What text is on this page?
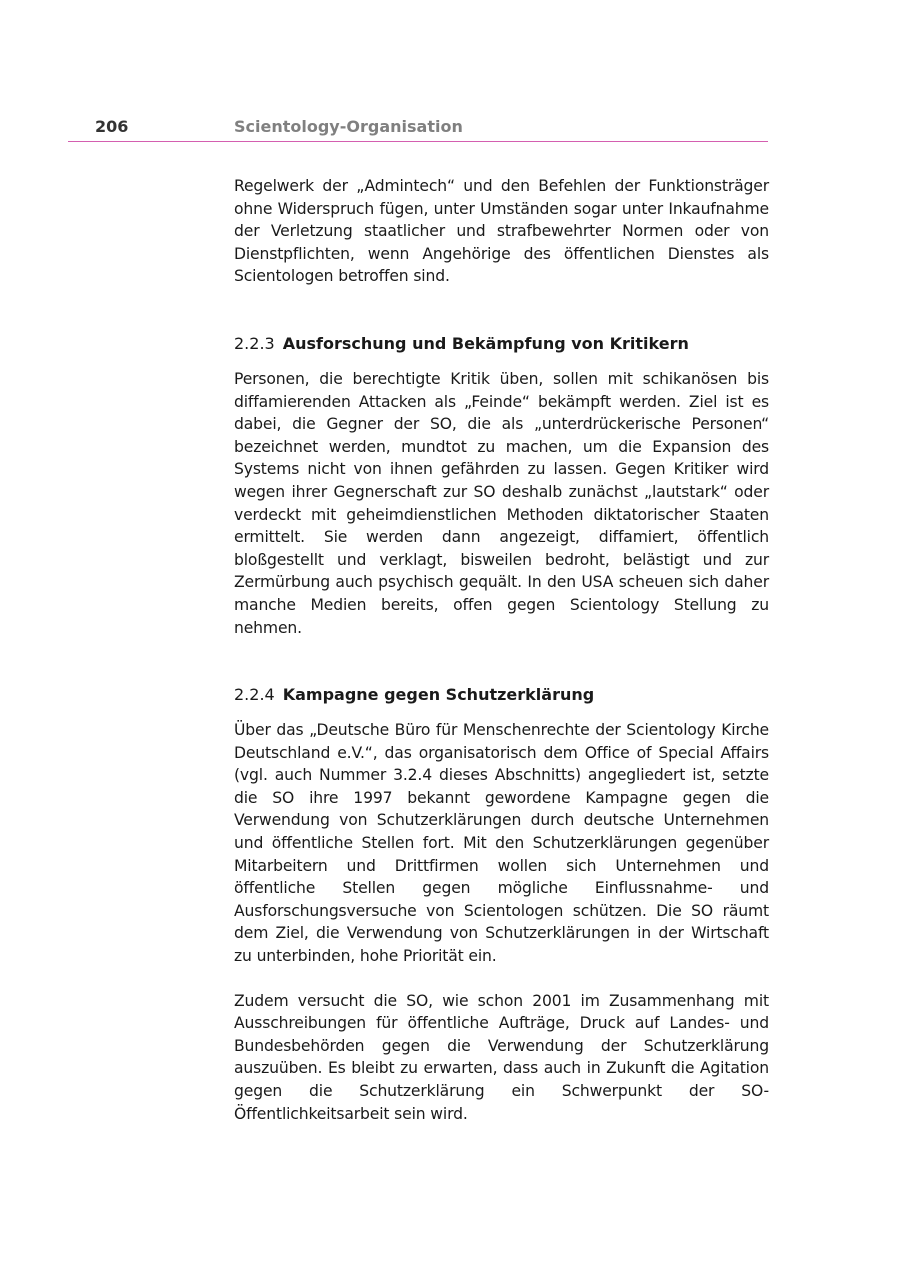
206	Scientology-Organisation

Regelwerk der „Admintech“ und den Befehlen der Funktionsträger ohne Widerspruch fügen, unter Umständen sogar unter Inkaufnahme der Verletzung staatlicher und strafbewehrter Normen oder von Dienstpflichten, wenn Angehörige des öffentlichen Dienstes als Scientologen betroffen sind.

2.2.3 Ausforschung und Bekämpfung von Kritikern

Personen, die berechtigte Kritik üben, sollen mit schikanösen bis diffamierenden Attacken als „Feinde“ bekämpft werden. Ziel ist es dabei, die Gegner der SO, die als „unterdrückerische Personen“ bezeichnet werden, mundtot zu machen, um die Expansion des Systems nicht von ihnen gefährden zu lassen. Gegen Kritiker wird wegen ihrer Gegnerschaft zur SO deshalb zunächst „lautstark“ oder verdeckt mit geheimdienstlichen Methoden diktatorischer Staaten ermittelt. Sie werden dann angezeigt, diffamiert, öffentlich bloßgestellt und verklagt, bisweilen bedroht, belästigt und zur Zermürbung auch psychisch gequält. In den USA scheuen sich daher manche Medien bereits, offen gegen Scientology Stellung zu nehmen.

2.2.4 Kampagne gegen Schutzerklärung

Über das „Deutsche Büro für Menschenrechte der Scientology Kirche Deutschland e.V.“, das organisatorisch dem Office of Special Affairs (vgl. auch Nummer 3.2.4 dieses Abschnitts) angegliedert ist, setzte die SO ihre 1997 bekannt gewordene Kampagne gegen die Verwendung von Schutzerklärungen durch deutsche Unternehmen und öffentliche Stellen fort. Mit den Schutzerklärungen gegenüber Mitarbeitern und Drittfirmen wollen sich Unternehmen und öffentliche Stellen gegen mögliche Einflussnahme- und Ausforschungsversuche von Scientologen schützen. Die SO räumt dem Ziel, die Verwendung von Schutzerklärungen in der Wirtschaft zu unterbinden, hohe Priorität ein.

Zudem versucht die SO, wie schon 2001 im Zusammenhang mit Ausschreibungen für öffentliche Aufträge, Druck auf Landes- und Bundesbehörden gegen die Verwendung der Schutzerklärung auszuüben. Es bleibt zu erwarten, dass auch in Zukunft die Agitation gegen die Schutzerklärung ein Schwerpunkt der SO-Öffentlichkeitsarbeit sein wird.
